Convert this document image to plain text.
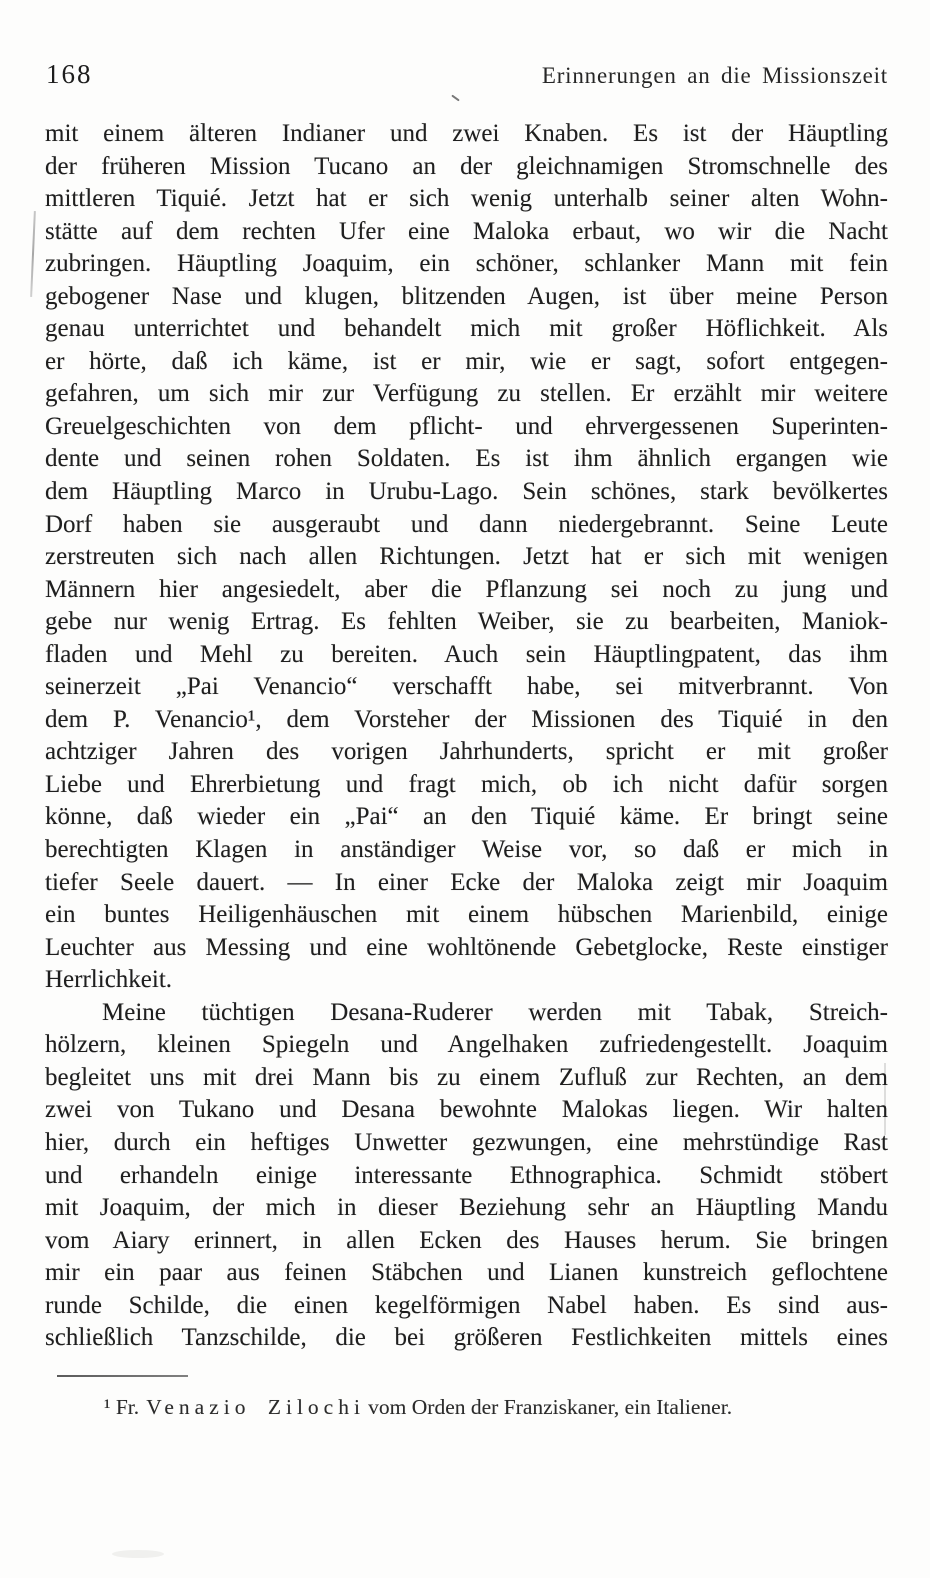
168	Erinnerungen an die Missionszeit
mit einem älteren Indianer und zwei Knaben. Es ist der Häuptling
der früheren Mission Tucano an der gleichnamigen Stromschnelle des
mittleren Tiquié. Jetzt hat er sich wenig unterhalb seiner alten Wohn-
stätte auf dem rechten Ufer eine Maloka erbaut, wo wir die Nacht
zubringen. Häuptling Joaquim, ein schöner, schlanker Mann mit fein
gebogener Nase und klugen, blitzenden Augen, ist über meine Person
genau unterrichtet und behandelt mich mit großer Höflichkeit. Als
er hörte, daß ich käme, ist er mir, wie er sagt, sofort entgegen-
gefahren, um sich mir zur Verfügung zu stellen. Er erzählt mir weitere
Greuelgeschichten von dem pflicht- und ehrvergessenen Superinten-
dente und seinen rohen Soldaten. Es ist ihm ähnlich ergangen wie
dem Häuptling Marco in Urubu-Lago. Sein schönes, stark bevölkertes
Dorf haben sie ausgeraubt und dann niedergebrannt. Seine Leute
zerstreuten sich nach allen Richtungen. Jetzt hat er sich mit wenigen
Männern hier angesiedelt, aber die Pflanzung sei noch zu jung und
gebe nur wenig Ertrag. Es fehlten Weiber, sie zu bearbeiten, Maniok-
fladen und Mehl zu bereiten. Auch sein Häuptlingpatent, das ihm
seinerzeit „Pai Venancio“ verschafft habe, sei mitverbrannt. Von
dem P. Venancio¹, dem Vorsteher der Missionen des Tiquié in den
achtziger Jahren des vorigen Jahrhunderts, spricht er mit großer
Liebe und Ehrerbietung und fragt mich, ob ich nicht dafür sorgen
könne, daß wieder ein „Pai“ an den Tiquié käme. Er bringt seine
berechtigten Klagen in anständiger Weise vor, so daß er mich in
tiefer Seele dauert. — In einer Ecke der Maloka zeigt mir Joaquim
ein buntes Heiligenhäuschen mit einem hübschen Marienbild, einige
Leuchter aus Messing und eine wohltönende Gebetglocke, Reste einstiger
Herrlichkeit.
Meine tüchtigen Desana-Ruderer werden mit Tabak, Streich-
hölzern, kleinen Spiegeln und Angelhaken zufriedengestellt. Joaquim
begleitet uns mit drei Mann bis zu einem Zufluß zur Rechten, an dem
zwei von Tukano und Desana bewohnte Malokas liegen. Wir halten
hier, durch ein heftiges Unwetter gezwungen, eine mehrstündige Rast
und erhandeln einige interessante Ethnographica. Schmidt stöbert
mit Joaquim, der mich in dieser Beziehung sehr an Häuptling Mandu
vom Aiary erinnert, in allen Ecken des Hauses herum. Sie bringen
mir ein paar aus feinen Stäbchen und Lianen kunstreich geflochtene
runde Schilde, die einen kegelförmigen Nabel haben. Es sind aus-
schließlich Tanzschilde, die bei größeren Festlichkeiten mittels eines
¹ Fr. Venazio Zilochi vom Orden der Franziskaner, ein Italiener.
